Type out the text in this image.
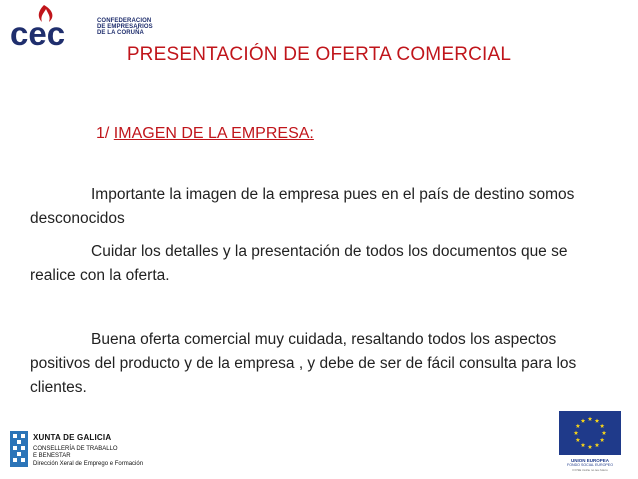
cec	CONFEDERACION
DE EMPRESARIOS
DE LA CORUÑA
PRESENTACIÓN DE OFERTA COMERCIAL
1/ IMAGEN DE LA EMPRESA:

Importante la imagen de la empresa pues en el país de destino somos desconocidos

Cuidar los detalles y la presentación de todos los documentos que se realice con la oferta.

Buena oferta comercial muy cuidada, resaltando todos los aspectos positivos del producto y de la empresa , y debe de ser de fácil consulta para los clientes.

XUNTA DE GALICIA
CONSELLERÍA DE TRABALLO
E BENESTAR
Dirección Xeral de Emprego e Formación
UNION EUROPEA
FONDO SOCIAL EUROPEO
O FSE invirte no teu futuro
